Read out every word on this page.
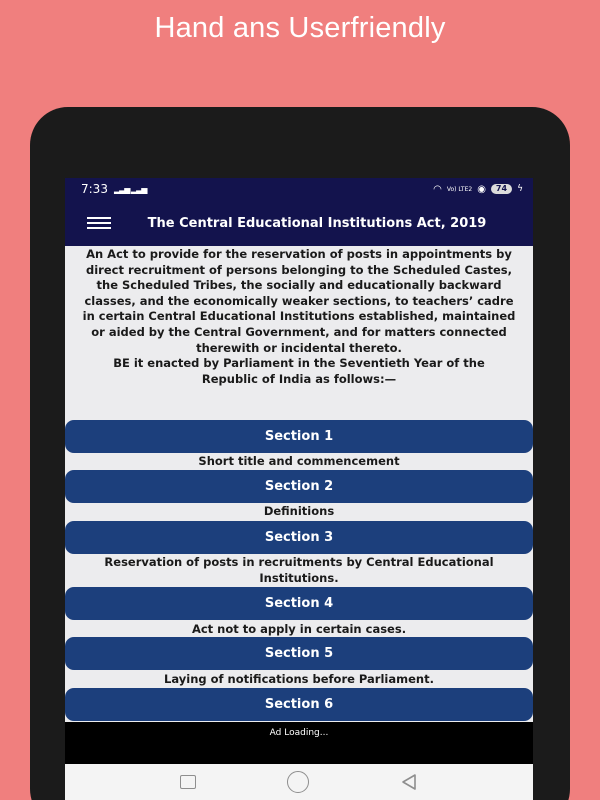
Hand ans Userfriendly
7:33 ▂▃▅ ▂▃▅	◠ Vo) LTE2 ◉	74	ϟ
The Central Educational Institutions Act, 2019
An Act to provide for the reservation of posts in appointments by direct recruitment of persons belonging to the Scheduled Castes, the Scheduled Tribes, the socially and educationally backward classes, and the economically weaker sections, to teachers’ cadre in certain Central Educational Institutions established, maintained or aided by the Central Government, and for matters connected therewith or incidental thereto.
BE it enacted by Parliament in the Seventieth Year of the
Republic of India as follows:—
Section 1
Short title and commencement
Section 2
Definitions
Section 3
Reservation of posts in recruitments by Central Educational Institutions.
Section 4
Act not to apply in certain cases.
Section 5
Laying of notifications before Parliament.
Section 6
Ad Loading...
